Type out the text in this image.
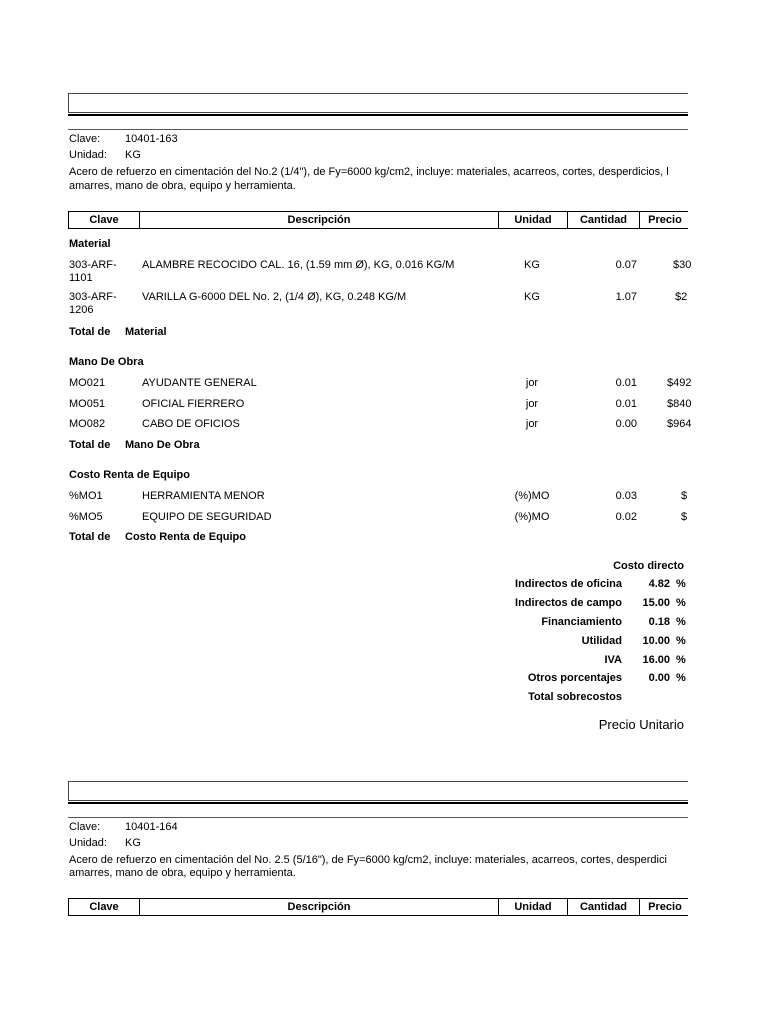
Clave: 10401-163
Unidad: KG
Acero de refuerzo en cimentación del No.2 (1/4"), de Fy=6000 kg/cm2, incluye: materiales, acarreos, cortes, desperdicios, l
amarres, mano de obra, equipo y herramienta.
Clave	Descripción	Unidad	Cantidad	Precio
Material
303-ARF-
1101
ALAMBRE RECOCIDO CAL. 16, (1.59 mm Ø), KG, 0.016 KG/M	KG	0.07	$30
303-ARF-
1206
VARILLA G-6000 DEL No. 2, (1/4 Ø), KG, 0.248 KG/M	KG	1.07	$2
Total de Material
Mano De Obra
MO021	AYUDANTE GENERAL	jor	0.01	$492
MO051	OFICIAL FIERRERO	jor	0.01	$840
MO082	CABO DE OFICIOS	jor	0.00	$964
Total de Mano De Obra
Costo Renta de Equipo
%MO1	HERRAMIENTA MENOR	(%)MO	0.03	$
%MO5	EQUIPO DE SEGURIDAD	(%)MO	0.02	$
Total de Costo Renta de Equipo
Costo directo
Indirectos de oficina	4.82 %
Indirectos de campo	15.00 %
Financiamiento	0.18 %
Utilidad	10.00 %
IVA	16.00 %
Otros porcentajes	0.00 %
Total sobrecostos
Precio Unitario
Clave: 10401-164
Unidad: KG
Acero de refuerzo en cimentación del No. 2.5 (5/16"), de Fy=6000 kg/cm2, incluye: materiales, acarreos, cortes, desperdici
amarres, mano de obra, equipo y herramienta.
Clave	Descripción	Unidad	Cantidad	Precio
